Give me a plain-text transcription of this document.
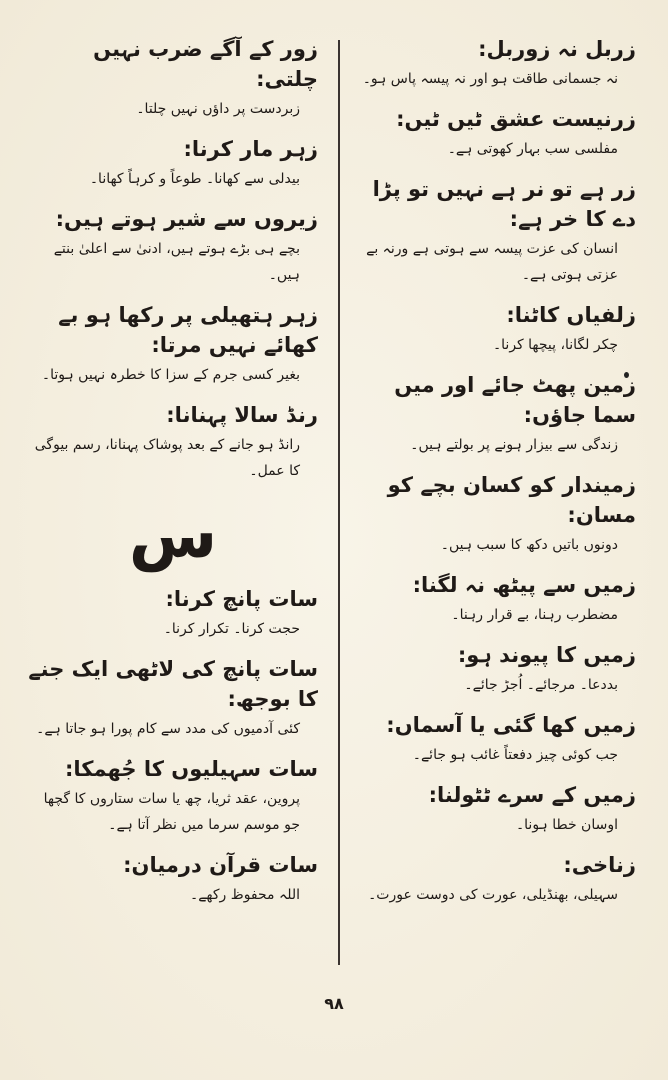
زربل نہ زوربل:

نہ جسمانی طاقت ہو اور نہ پیسہ پاس ہو۔

زرنیست عشق ٹیں ٹیں:

مفلسی سب بہار کھوتی ہے۔

زر ہے تو نر ہے نہیں تو پڑا دے کا خر ہے:

انسان کی عزت پیسہ سے ہوتی ہے ورنہ بے عزتی ہوتی ہے۔

زلفیاں کاٹنا:

چکر لگانا، پیچھا کرنا۔

زمین پھٹ جائے اور میں سما جاؤں:

زندگی سے بیزار ہونے پر بولتے ہیں۔

زمیندار کو کسان بچے کو مسان:

دونوں باتیں دکھ کا سبب ہیں۔

زمیں سے پیٹھ نہ لگنا:

مضطرب رہنا، بے قرار رہنا۔

زمیں کا پیوند ہو:

بددعا۔ مرجائے۔ اُجڑ جائے۔

زمیں کھا گئی یا آسماں:

جب کوئی چیز دفعتاً غائب ہو جائے۔

زمیں کے سرے ٹٹولنا:

اوسان خطا ہونا۔

زناخی:

سہیلی، بھنڈیلی، عورت کی دوست عورت۔

زور کے آگے ضرب نہیں چلتی:

زبردست پر داؤں نہیں چلتا۔

زہر مار کرنا:

بیدلی سے کھانا۔ طوعاً و کرہاً کھانا۔

زیروں سے شیر ہوتے ہیں:

بچے ہی بڑے ہوتے ہیں، ادنیٰ سے اعلیٰ بنتے ہیں۔

زہر ہتھیلی پر رکھا ہو بے کھائے نہیں مرتا:

بغیر کسی جرم کے سزا کا خطرہ نہیں ہوتا۔

رنڈ سالا پہنانا:

رانڈ ہو جانے کے بعد پوشاک پہنانا، رسم بیوگی کا عمل۔

س

سات پانچ کرنا:

حجت کرنا۔ تکرار کرنا۔

سات پانچ کی لاٹھی ایک جنے کا بوجھ:

کئی آدمیوں کی مدد سے کام پورا ہو جاتا ہے۔

سات سہیلیوں کا جُھمکا:

پروین، عقد ثریا، چھ یا سات ستاروں کا گچھا جو موسم سرما میں نظر آتا ہے۔

سات قرآن درمیان:

اللہ محفوظ رکھے۔

۹۸
